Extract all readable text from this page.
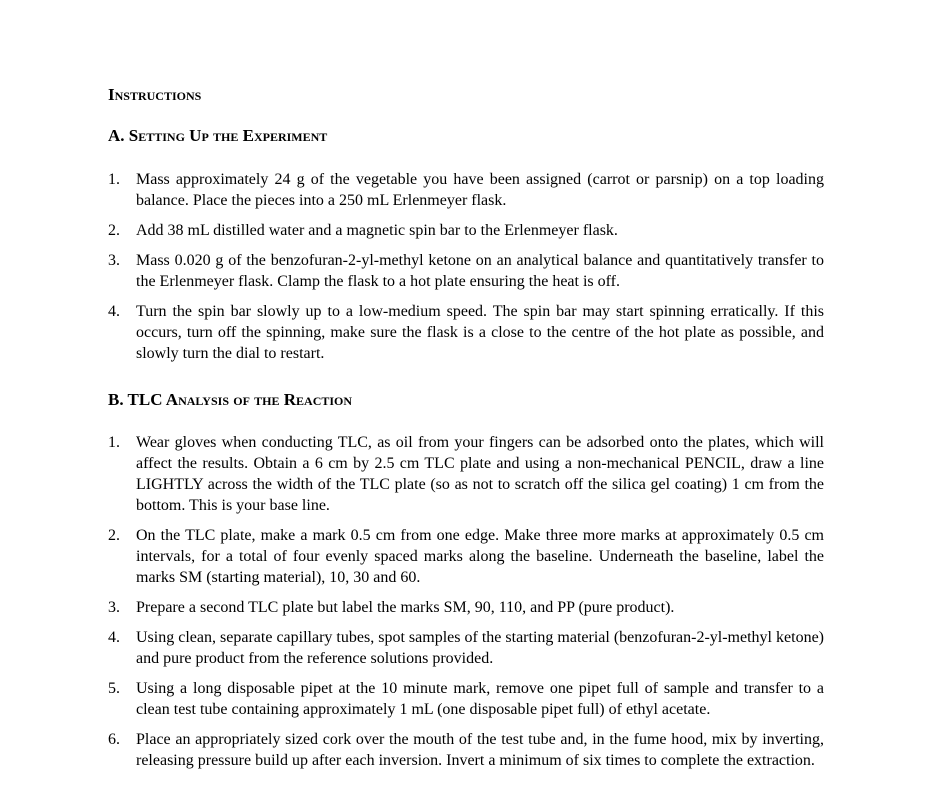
Instructions
A. Setting Up the Experiment
1. Mass approximately 24 g of the vegetable you have been assigned (carrot or parsnip) on a top loading balance. Place the pieces into a 250 mL Erlenmeyer flask.
2. Add 38 mL distilled water and a magnetic spin bar to the Erlenmeyer flask.
3. Mass 0.020 g of the benzofuran-2-yl-methyl ketone on an analytical balance and quantitatively transfer to the Erlenmeyer flask. Clamp the flask to a hot plate ensuring the heat is off.
4. Turn the spin bar slowly up to a low-medium speed. The spin bar may start spinning erratically. If this occurs, turn off the spinning, make sure the flask is a close to the centre of the hot plate as possible, and slowly turn the dial to restart.
B. TLC Analysis of the Reaction
1. Wear gloves when conducting TLC, as oil from your fingers can be adsorbed onto the plates, which will affect the results. Obtain a 6 cm by 2.5 cm TLC plate and using a non-mechanical PENCIL, draw a line LIGHTLY across the width of the TLC plate (so as not to scratch off the silica gel coating) 1 cm from the bottom. This is your base line.
2. On the TLC plate, make a mark 0.5 cm from one edge. Make three more marks at approximately 0.5 cm intervals, for a total of four evenly spaced marks along the baseline. Underneath the baseline, label the marks SM (starting material), 10, 30 and 60.
3. Prepare a second TLC plate but label the marks SM, 90, 110, and PP (pure product).
4. Using clean, separate capillary tubes, spot samples of the starting material (benzofuran-2-yl-methyl ketone) and pure product from the reference solutions provided.
5. Using a long disposable pipet at the 10 minute mark, remove one pipet full of sample and transfer to a clean test tube containing approximately 1 mL (one disposable pipet full) of ethyl acetate.
6. Place an appropriately sized cork over the mouth of the test tube and, in the fume hood, mix by inverting, releasing pressure build up after each inversion. Invert a minimum of six times to complete the extraction.
